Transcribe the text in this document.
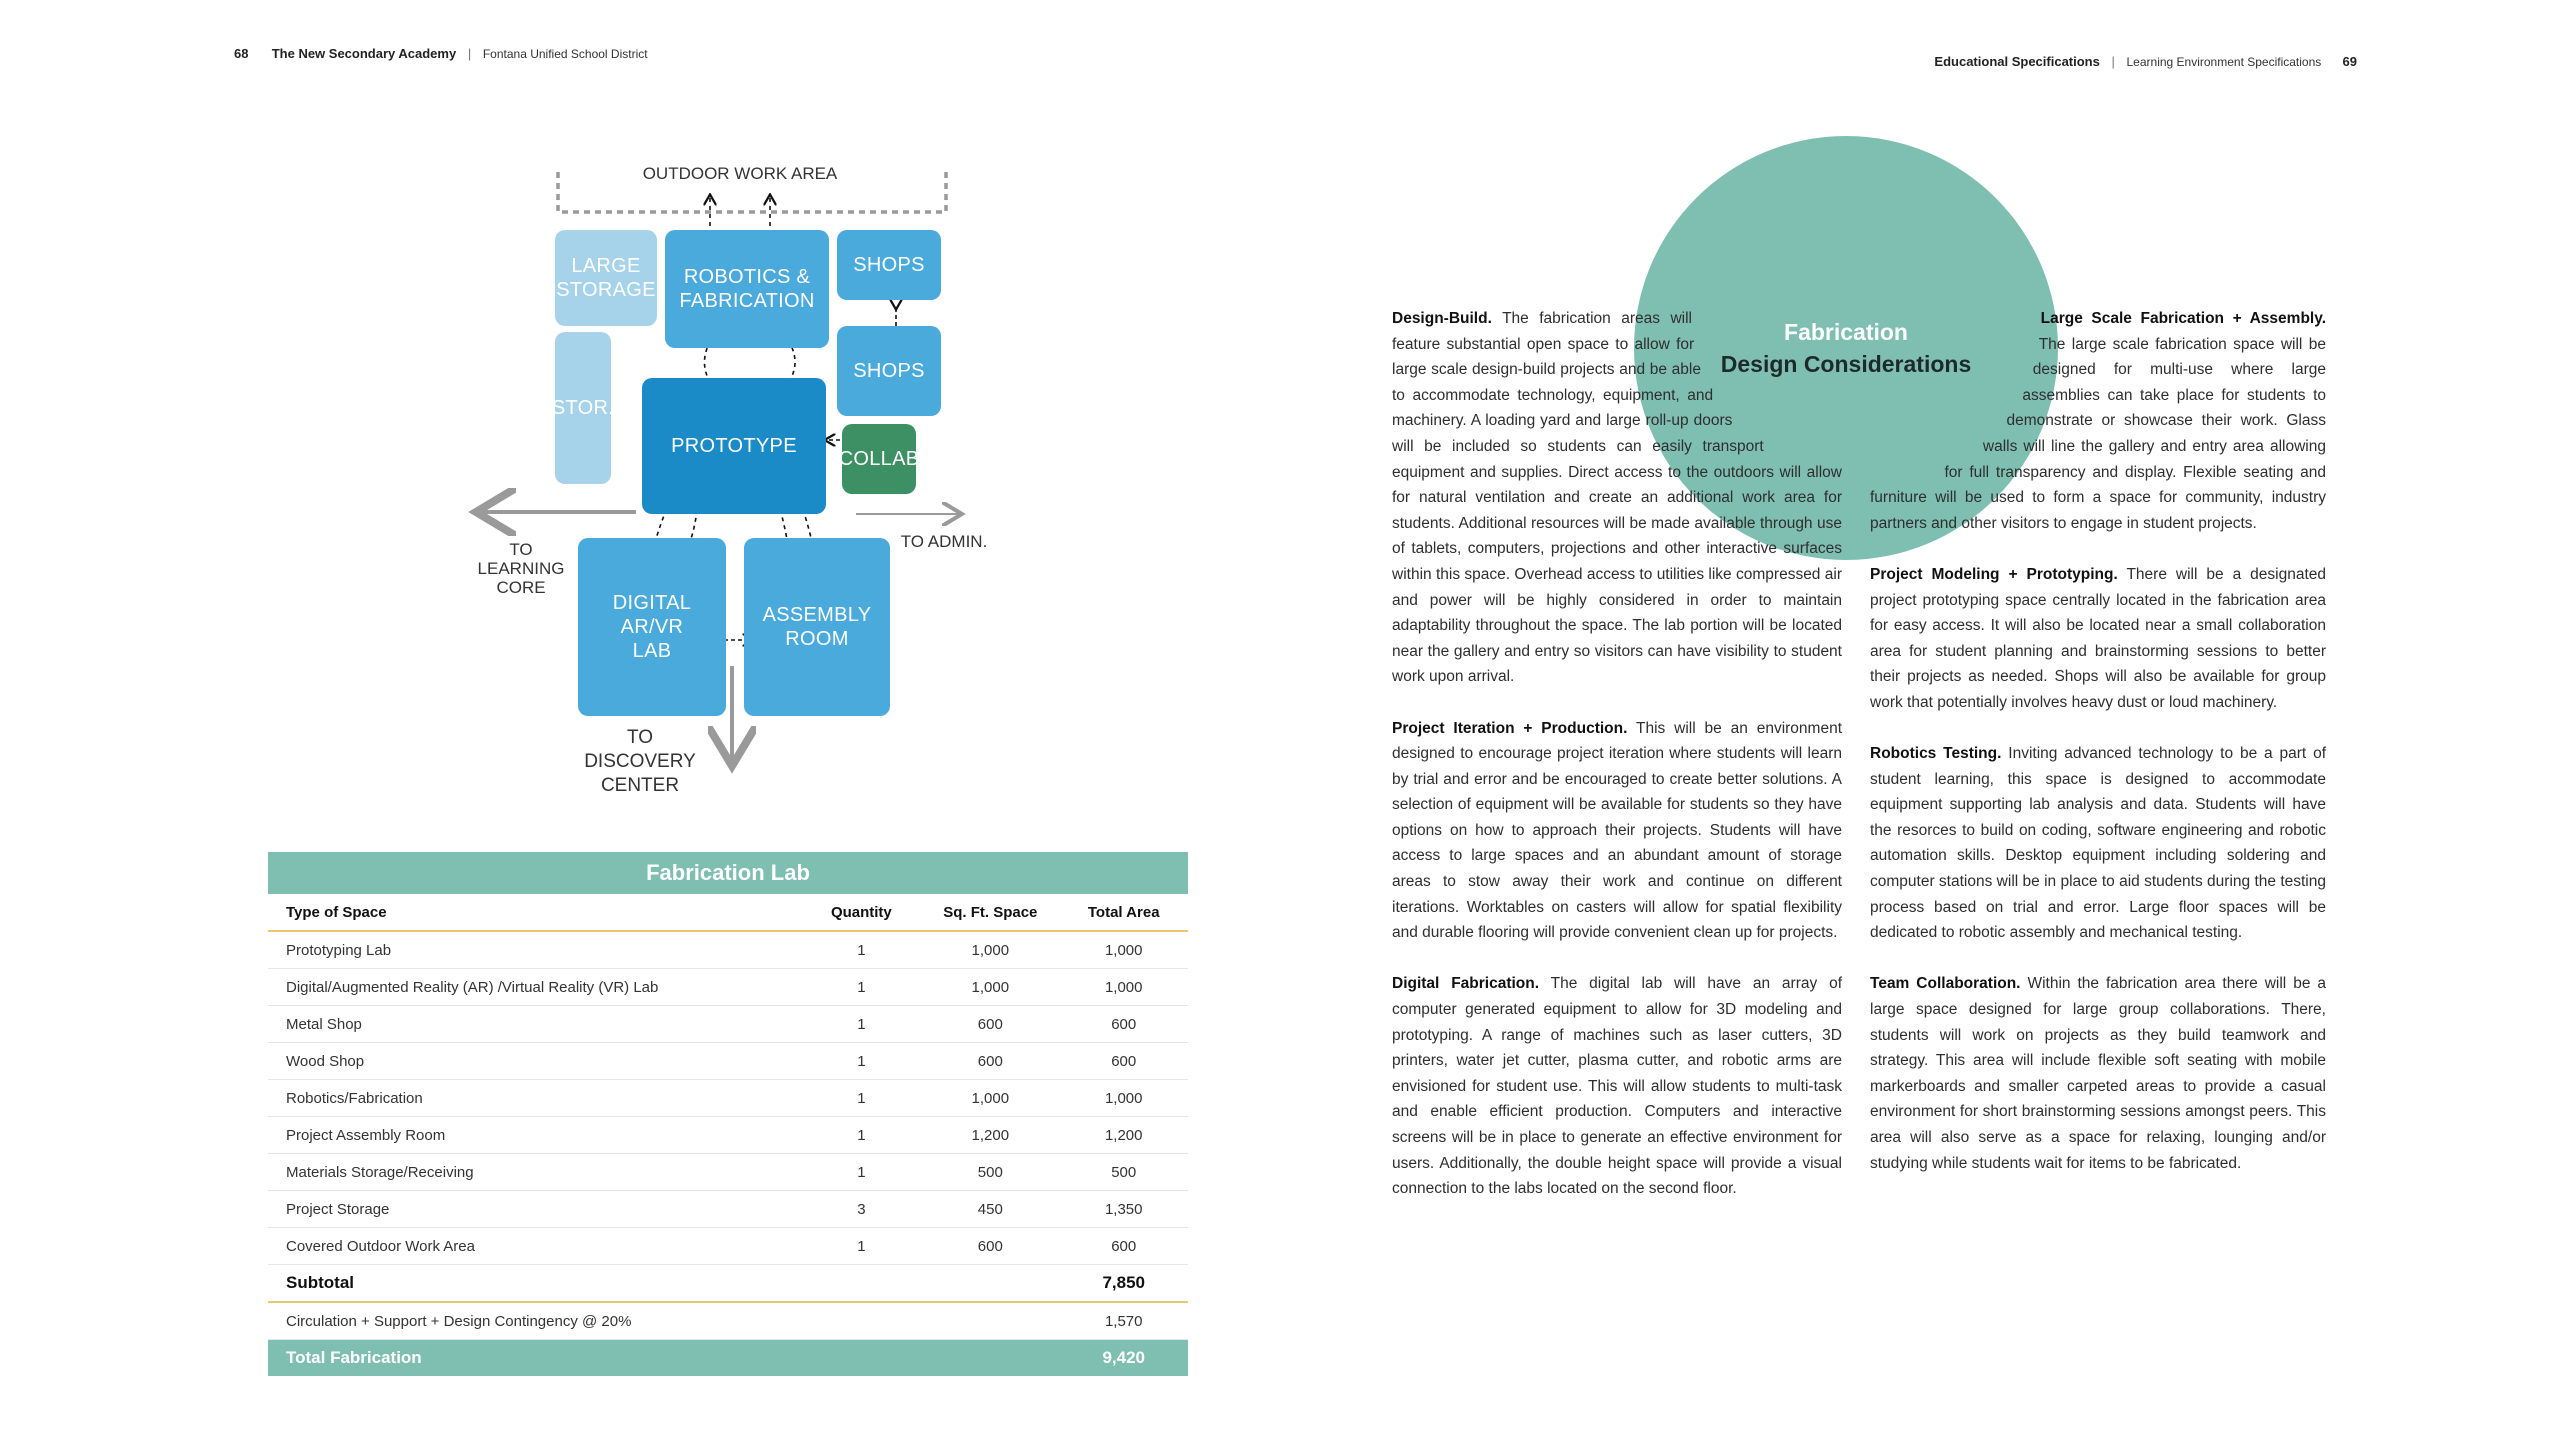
68 The New Secondary Academy | Fontana Unified School District	Educational Specifications | Learning Environment Specifications 69
OUTDOOR WORK AREA
LARGE
STORAGE
ROBOTICS &
FABRICATION
SHOPS
SHOPS
STOR.
PROTOTYPE
COLLAB
DIGITAL
AR/VR
LAB
ASSEMBLY
ROOM
TO LEARNING
CORE
TO ADMIN.
TO DISCOVERY
CENTER
Fabrication Lab
Type of Space	Quantity	Sq. Ft. Space	Total Area
Prototyping Lab	1	1,000	1,000
Digital/Augmented Reality (AR) /Virtual Reality (VR) Lab	1	1,000	1,000
Metal Shop	1	600	600
Wood Shop	1	600	600
Robotics/Fabrication	1	1,000	1,000
Project Assembly Room	1	1,200	1,200
Materials Storage/Receiving	1	500	500
Project Storage	3	450	1,350
Covered Outdoor Work Area	1	600	600
Subtotal			7,850
Circulation + Support + Design Contingency @ 20%			1,570
Total Fabrication			9,420
Fabrication
Design Considerations

Design-Build. The fabrication areas will feature substantial open space to allow for large scale design-build projects and be able to accommodate technology, equipment, and machinery. A loading yard and large roll-up doors will be included so students can easily transport equipment and supplies. Direct access to the outdoors will allow for natural ventilation and create an additional work area for students. Additional resources will be made available through use of tablets, computers, projections and other interactive surfaces within this space. Overhead access to utilities like compressed air and power will be highly considered in order to maintain adaptability throughout the space. The lab portion will be located near the gallery and entry so visitors can have visibility to student work upon arrival.

Project Iteration + Production. This will be an environment designed to encourage project iteration where students will learn by trial and error and be encouraged to create better solutions. A selection of equipment will be available for students so they have options on how to approach their projects. Students will have access to large spaces and an abundant amount of storage areas to stow away their work and continue on different iterations. Worktables on casters will allow for spatial flexibility and durable flooring will provide convenient clean up for projects.

Digital Fabrication. The digital lab will have an array of computer generated equipment to allow for 3D modeling and prototyping. A range of machines such as laser cutters, 3D printers, water jet cutter, plasma cutter, and robotic arms are envisioned for student use. This will allow students to multi-task and enable efficient production. Computers and interactive screens will be in place to generate an effective environment for users. Additionally, the double height space will provide a visual connection to the labs located on the second floor.

Large Scale Fabrication + Assembly. The large scale fabrication space will be designed for multi-use where large assemblies can take place for students to demonstrate or showcase their work. Glass walls will line the gallery and entry area allowing for full transparency and display. Flexible seating and furniture will be used to form a space for community, industry partners and other visitors to engage in student projects.

Project Modeling + Prototyping. There will be a designated project prototyping space centrally located in the fabrication area for easy access. It will also be located near a small collaboration area for student planning and brainstorming sessions to better their projects as needed. Shops will also be available for group work that potentially involves heavy dust or loud machinery.

Robotics Testing. Inviting advanced technology to be a part of student learning, this space is designed to accommodate equipment supporting lab analysis and data. Students will have the resorces to build on coding, software engineering and robotic automation skills. Desktop equipment including soldering and computer stations will be in place to aid students during the testing process based on trial and error. Large floor spaces will be dedicated to robotic assembly and mechanical testing.

Team Collaboration. Within the fabrication area there will be a large space designed for large group collaborations. There, students will work on projects as they build teamwork and strategy. This area will include flexible soft seating with mobile markerboards and smaller carpeted areas to provide a casual environment for short brainstorming sessions amongst peers. This area will also serve as a space for relaxing, lounging and/or studying while students wait for items to be fabricated.
